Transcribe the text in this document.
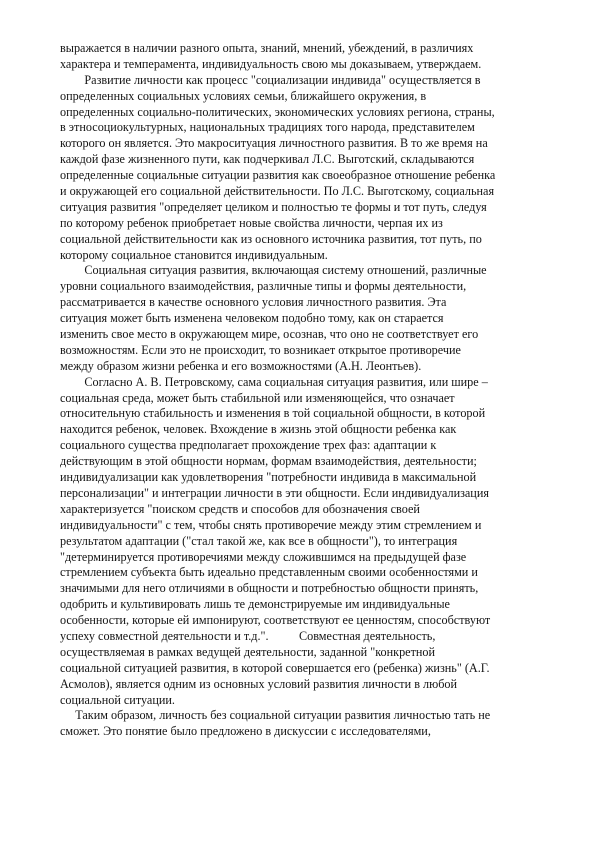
выражается в наличии разного опыта, знаний, мнений, убеждений, в различиях
характера и темперамента, индивидуальность свою мы доказываем, утверждаем.
Развитие личности как процесс "социализации индивида" осуществляется в
определенных социальных условиях семьи, ближайшего окружения, в
определенных социально-политических, экономических условиях региона, страны,
в этносоциокультурных, национальных традициях того народа, представителем
которого он является. Это макроситуация личностного развития. В то же время на
каждой фазе жизненного пути, как подчеркивал Л.С. Выготский, складываются
определенные социальные ситуации развития как своеобразное отношение ребенка
и окружающей его социальной действительности. По Л.С. Выготскому, социальная
ситуация развития "определяет целиком и полностью те формы и тот путь, следуя
по которому ребенок приобретает новые свойства личности, черпая их из
социальной действительности как из основного источника развития, тот путь, по
которому социальное становится индивидуальным.
Социальная ситуация развития, включающая систему отношений, различные
уровни социального взаимодействия, различные типы и формы деятельности,
рассматривается в качестве основного условия личностного развития. Эта
ситуация может быть изменена человеком подобно тому, как он старается
изменить свое место в окружающем мире, осознав, что оно не соответствует его
возможностям. Если это не происходит, то возникает открытое противоречие
между образом жизни ребенка и его возможностями (А.Н. Леонтьев).
Согласно А. В. Петровскому, сама социальная ситуация развития, или шире –
социальная среда, может быть стабильной или изменяющейся, что означает
относительную стабильность и изменения в той социальной общности, в которой
находится ребенок, человек. Вхождение в жизнь этой общности ребенка как
социального существа предполагает прохождение трех фаз: адаптации к
действующим в этой общности нормам, формам взаимодействия, деятельности;
индивидуализации как удовлетворения "потребности индивида в максимальной
персонализации" и интеграции личности в эти общности. Если индивидуализация
характеризуется "поиском средств и способов для обозначения своей
индивидуальности" с тем, чтобы снять противоречие между этим стремлением и
результатом адаптации ("стал такой же, как все в общности"), то интеграция
"детерминируется противоречиями между сложившимся на предыдущей фазе
стремлением субъекта быть идеально представленным своими особенностями и
значимыми для него отличиями в общности и потребностью общности принять,
одобрить и культивировать лишь те демонстрируемые им индивидуальные
особенности, которые ей импонируют, соответствуют ее ценностям, способствуют
успеху совместной деятельности и т.д.".          Совместная деятельность,
осуществляемая в рамках ведущей деятельности, заданной "конкретной
социальной ситуацией развития, в которой совершается его (ребенка) жизнь" (А.Г.
Асмолов), является одним из основных условий развития личности в любой
социальной ситуации.
Таким образом, личность без социальной ситуации развития личностью тать не
сможет. Это понятие было предложено в дискуссии с исследователями,
